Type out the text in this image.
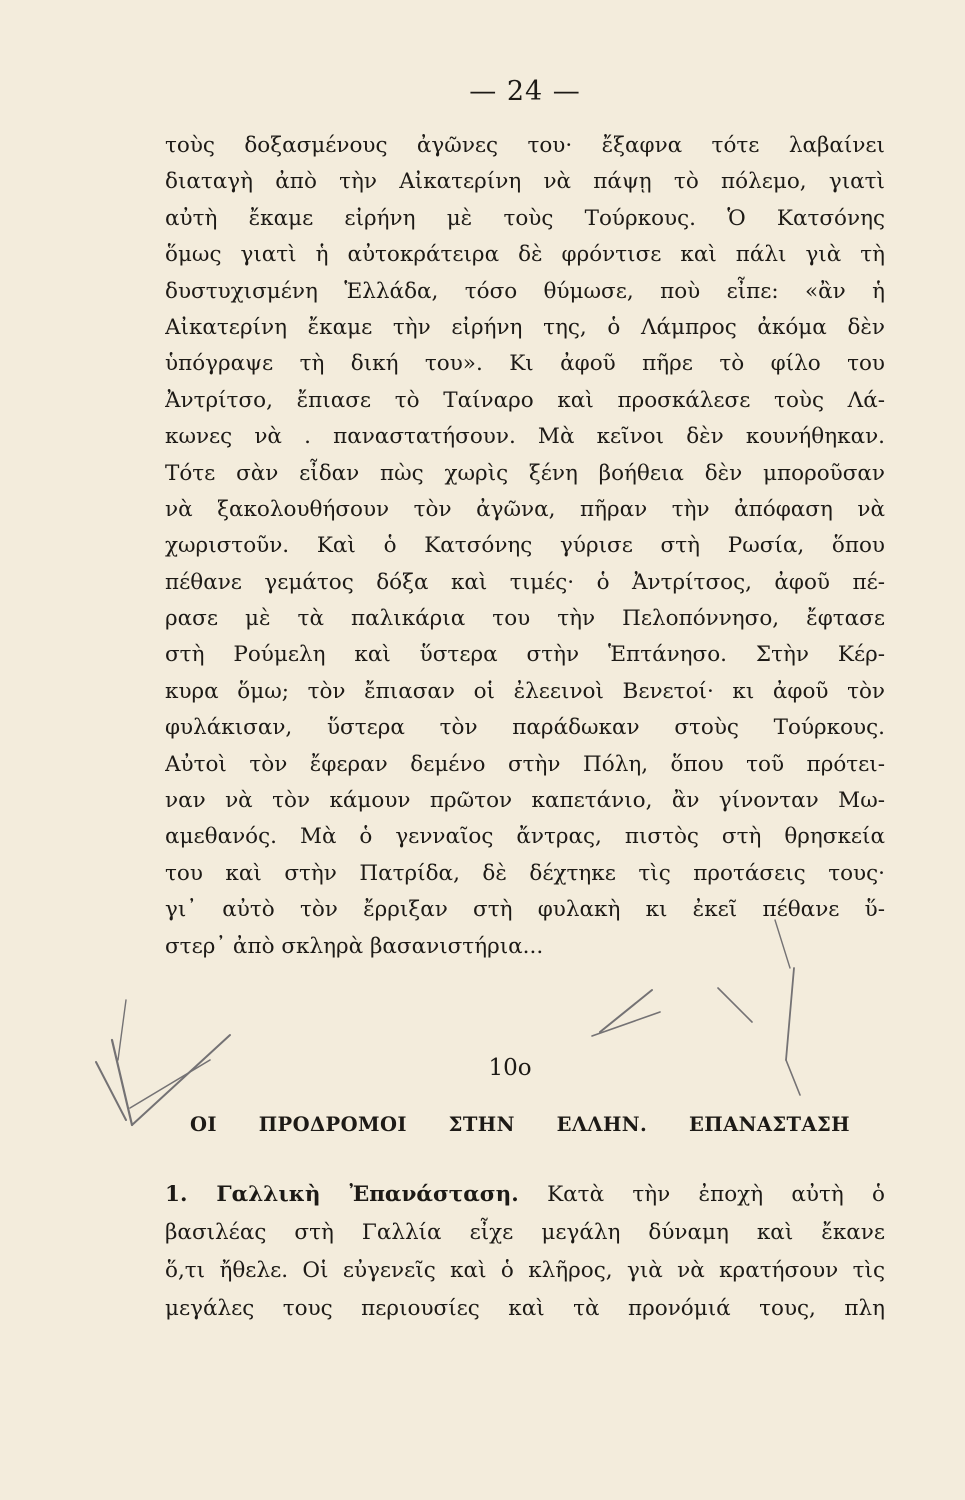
— 24 —
τοὺς δοξασμένους ἀγῶνες του· ἔξαφνα τότε λαβαίνει
διαταγὴ ἀπὸ τὴν Αἰκατερίνη νὰ πάψῃ τὸ πόλεμο, γιατὶ
αὐτὴ ἔκαμε εἰρήνη μὲ τοὺς Τούρκους. Ὁ Κατσόνης
ὅμως γιατὶ ἡ αὐτοκράτειρα δὲ φρόντισε καὶ πάλι γιὰ τὴ
δυστυχισμένη Ἑλλάδα, τόσο θύμωσε, ποὺ εἶπε: «ἂν ἡ
Αἰκατερίνη ἔκαμε τὴν εἰρήνη της, ὁ Λάμπρος ἀκόμα δὲν
ὑπόγραψε τὴ δική του». Κι ἀφοῦ πῆρε τὸ φίλο του
Ἀντρίτσο, ἔπιασε τὸ Ταίναρο καὶ προσκάλεσε τοὺς Λά-
κωνες νὰ . παναστατήσουν. Μὰ κεῖνοι δὲν κουνήθηκαν.
Τότε σὰν εἶδαν πὼς χωρὶς ξένη βοήθεια δὲν μποροῦσαν
νὰ ξακολουθήσουν τὸν ἀγῶνα, πῆραν τὴν ἀπόφαση νὰ
χωριστοῦν. Καὶ ὁ Κατσόνης γύρισε στὴ Ρωσία, ὅπου
πέθανε γεμάτος δόξα καὶ τιμές· ὁ Ἀντρίτσος, ἀφοῦ πέ-
ρασε μὲ τὰ παλικάρια του τὴν Πελοπόννησο, ἔφτασε
στὴ Ρούμελη καὶ ὕστερα στὴν Ἑπτάνησο. Στὴν Κέρ-
κυρα ὅμω; τὸν ἔπιασαν οἱ ἐλεεινοὶ Βενετοί· κι ἀφοῦ τὸν
φυλάκισαν, ὕστερα τὸν παράδωκαν στοὺς Τούρκους.
Αὐτοὶ τὸν ἔφεραν δεμένο στὴν Πόλη, ὅπου τοῦ πρότει-
ναν νὰ τὸν κάμουν πρῶτον καπετάνιο, ἂν γίνονταν Μω-
αμεθανός. Μὰ ὁ γενναῖος ἄντρας, πιστὸς στὴ θρησκεία
του καὶ στὴν Πατρίδα, δὲ δέχτηκε τὶς προτάσεις τους·
γι᾽ αὐτὸ τὸν ἔρριξαν στὴ φυλακὴ κι ἐκεῖ πέθανε ὕ-
στερ᾽ ἀπὸ σκληρὰ βασανιστήρια...
10ο
ΟΙ ΠΡΟΔΡΟΜΟΙ ΣΤΗΝ ΕΛΛΗΝ. ΕΠΑΝΑΣΤΑΣΗ
1. Γαλλικὴ Ἐπανάσταση. Κατὰ τὴν ἐποχὴ αὐτὴ ὁ
βασιλέας στὴ Γαλλία εἶχε μεγάλη δύναμη καὶ ἔκανε
ὅ,τι ἤθελε. Οἱ εὐγενεῖς καὶ ὁ κλῆρος, γιὰ νὰ κρατήσουν τὶς
μεγάλες τους περιουσίες καὶ τὰ προνόμιά τους, πλη
